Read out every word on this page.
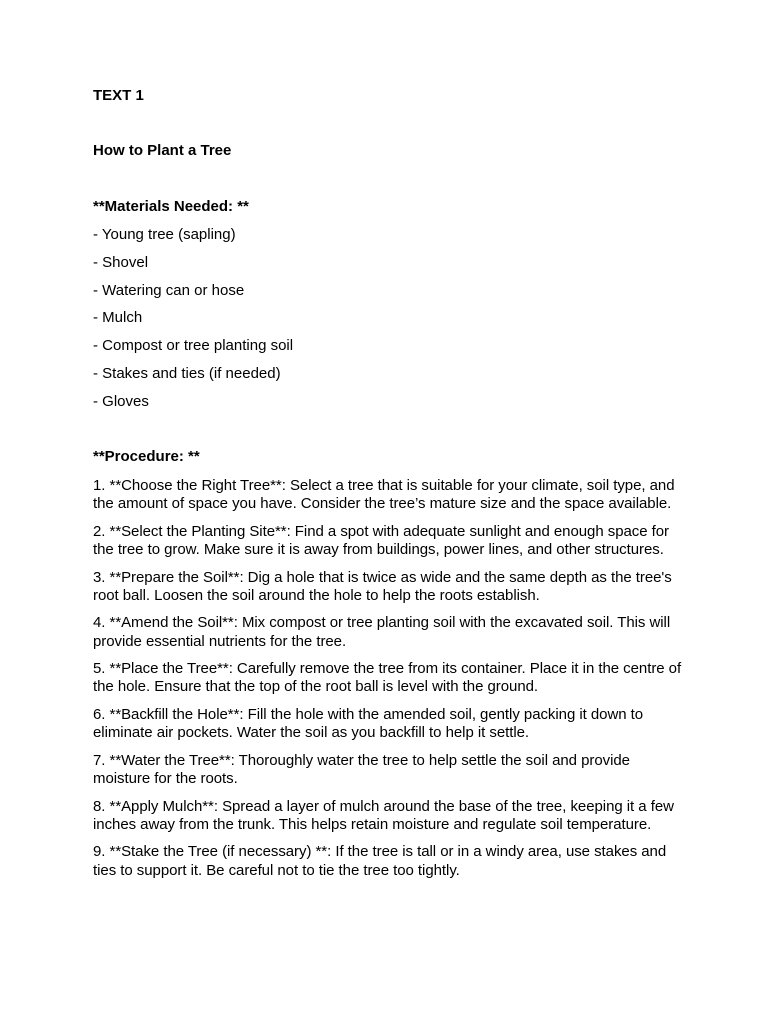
TEXT 1
How to Plant a Tree
**Materials Needed: **
- Young tree (sapling)
- Shovel
- Watering can or hose
- Mulch
- Compost or tree planting soil
- Stakes and ties (if needed)
- Gloves
**Procedure: **
1. **Choose the Right Tree**: Select a tree that is suitable for your climate, soil type, and the amount of space you have. Consider the tree’s mature size and the space available.
2. **Select the Planting Site**: Find a spot with adequate sunlight and enough space for the tree to grow. Make sure it is away from buildings, power lines, and other structures.
3. **Prepare the Soil**: Dig a hole that is twice as wide and the same depth as the tree's root ball. Loosen the soil around the hole to help the roots establish.
4. **Amend the Soil**: Mix compost or tree planting soil with the excavated soil. This will provide essential nutrients for the tree.
5. **Place the Tree**: Carefully remove the tree from its container. Place it in the centre of the hole. Ensure that the top of the root ball is level with the ground.
6. **Backfill the Hole**: Fill the hole with the amended soil, gently packing it down to eliminate air pockets. Water the soil as you backfill to help it settle.
7. **Water the Tree**: Thoroughly water the tree to help settle the soil and provide moisture for the roots.
8. **Apply Mulch**: Spread a layer of mulch around the base of the tree, keeping it a few inches away from the trunk. This helps retain moisture and regulate soil temperature.
9. **Stake the Tree (if necessary) **: If the tree is tall or in a windy area, use stakes and ties to support it. Be careful not to tie the tree too tightly.
